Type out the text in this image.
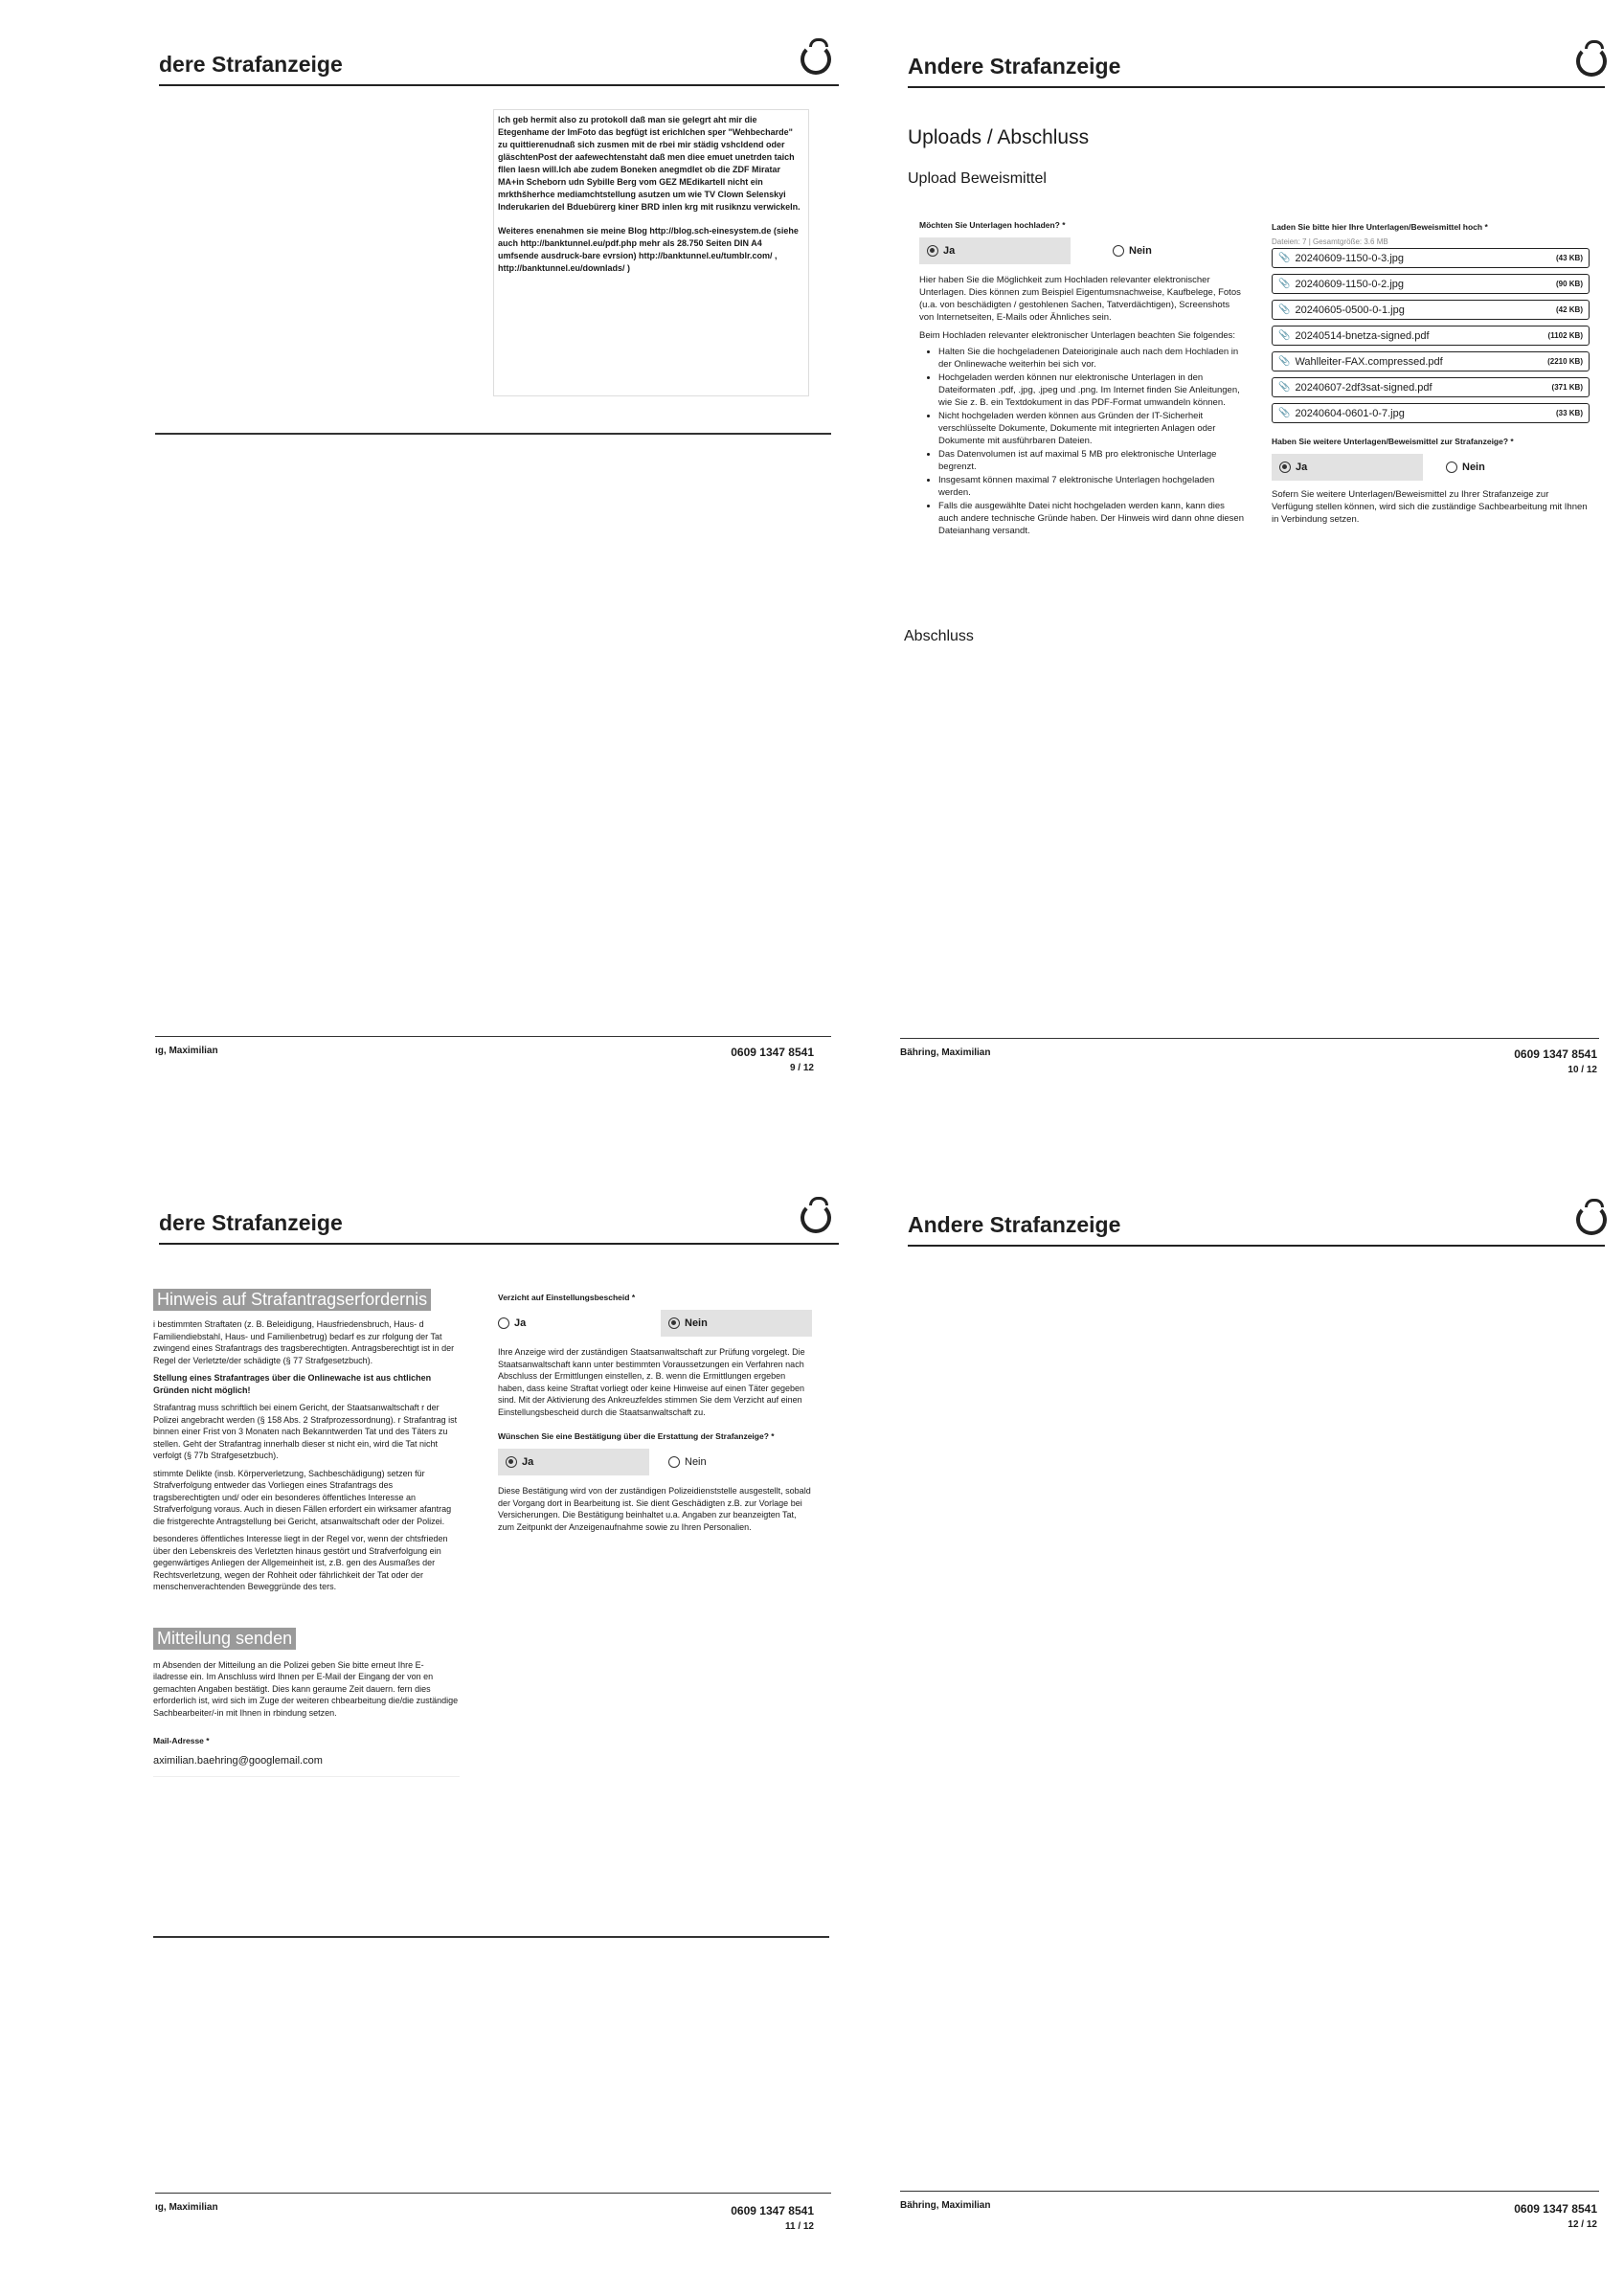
dere Strafanzeige
Ich geb hermit also zu protokoll daß man sie gelegrt aht mir die Etegenhame der ImFoto das begfügt ist erichlchen sper "Wehbecharde" zu quittierenudnaß sich zusmen mit de rbei mir städig vshcldend oder gläschtenPost der aafewechtenstaht daß men diee emuet unetrden taich fllen laesn will.Ich abe zudem Boneken anegmdlet ob die ZDF Miratar MA+in Scheborn udn Sybille Berg vom GEZ MEdikartell nicht ein mrkthšherhce mediamchtstellung asutzen um wie TV Clown Selenskyi Inderukarien del Bduebürerg kiner BRD inlen krg mit rusiknzu verwickeln.
Weiteres enenahmen sie meine Blog http://blog.sch-einesystem.de (siehe auch http://banktunnel.eu/pdf.php mehr als 28.750 Seiten DIN A4 umfsende ausdruck-bare evrsion) http://banktunnel.eu/tumblr.com/ , http://banktunnel.eu/downlads/ )
ıg, Maximilian	0609 1347 8541
9 / 12
Andere Strafanzeige
Uploads / Abschluss
Upload Beweismittel
Möchten Sie Unterlagen hochladen? *
Ja	Nein
Hier haben Sie die Möglichkeit zum Hochladen relevanter elektronischer Unterlagen. Dies können zum Beispiel Eigentumsnachweise, Kaufbelege, Fotos (u.a. von beschädigten / gestohlenen Sachen, Tatverdächtigen), Screenshots von Internetseiten, E-Mails oder Ähnliches sein.
Beim Hochladen relevanter elektronischer Unterlagen beachten Sie folgendes:
• Halten Sie die hochgeladenen Dateioriginale auch nach dem Hochladen in der Onlinewache weiterhin bei sich vor.
• Hochgeladen werden können nur elektronische Unterlagen in den Dateiformaten .pdf, .jpg, .jpeg und .png. Im Internet finden Sie Anleitungen, wie Sie z. B. ein Textdokument in das PDF-Format umwandeln können.
• Nicht hochgeladen werden können aus Gründen der IT-Sicherheit verschlüsselte Dokumente, Dokumente mit integrierten Anlagen oder Dokumente mit ausführbaren Dateien.
• Das Datenvolumen ist auf maximal 5 MB pro elektronische Unterlage begrenzt.
• Insgesamt können maximal 7 elektronische Unterlagen hochgeladen werden.
• Falls die ausgewählte Datei nicht hochgeladen werden kann, kann dies auch andere technische Gründe haben. Der Hinweis wird dann ohne diesen Dateianhang versandt.
Laden Sie bitte hier Ihre Unterlagen/Beweismittel hoch *
Dateien: 7 | Gesamtgröße: 3.6 MB
📎 20240609-1150-0-3.jpg	(43 KB)
📎 20240609-1150-0-2.jpg	(90 KB)
📎 20240605-0500-0-1.jpg	(42 KB)
📎 20240514-bnetza-signed.pdf	(1102 KB)
📎 Wahlleiter-FAX.compressed.pdf	(2210 KB)
📎 20240607-2df3sat-signed.pdf	(371 KB)
📎 20240604-0601-0-7.jpg	(33 KB)
Haben Sie weitere Unterlagen/Beweismittel zur Strafanzeige? *
Ja	Nein
Sofern Sie weitere Unterlagen/Beweismittel zu Ihrer Strafanzeige zur Verfügung stellen können, wird sich die zuständige Sachbearbeitung mit Ihnen in Verbindung setzen.
Abschluss
Bähring, Maximilian	0609 1347 8541
10 / 12
dere Strafanzeige
Hinweis auf Strafantragserfordernis
i bestimmten Straftaten (z. B. Beleidigung, Hausfriedensbruch, Haus- d Familiendiebstahl, Haus- und Familienbetrug) bedarf es zur rfolgung der Tat zwingend eines Strafantrags des tragsberechtigten. Antragsberechtigt ist in der Regel der Verletzte/der schädigte (§ 77 Strafgesetzbuch).
Stellung eines Strafantrages über die Onlinewache ist aus chtlichen Gründen nicht möglich!
Strafantrag muss schriftlich bei einem Gericht, der Staatsanwaltschaft r der Polizei angebracht werden (§ 158 Abs. 2 Strafprozessordnung). r Strafantrag ist binnen einer Frist von 3 Monaten nach Bekanntwerden Tat und des Täters zu stellen. Geht der Strafantrag innerhalb dieser st nicht ein, wird die Tat nicht verfolgt (§ 77b Strafgesetzbuch).
stimmte Delikte (insb. Körperverletzung, Sachbeschädigung) setzen für Strafverfolgung entweder das Vorliegen eines Strafantrags des tragsberechtigten und/ oder ein besonderes öffentliches Interesse an Strafverfolgung voraus. Auch in diesen Fällen erfordert ein wirksamer afantrag die fristgerechte Antragstellung bei Gericht, atsanwaltschaft oder der Polizei.
besonderes öffentliches Interesse liegt in der Regel vor, wenn der chtsfrieden über den Lebenskreis des Verletzten hinaus gestört und Strafverfolgung ein gegenwärtiges Anliegen der Allgemeinheit ist, z.B. gen des Ausmaßes der Rechtsverletzung, wegen der Rohheit oder fährlichkeit der Tat oder der menschenverachtenden Beweggründe des ters.
Mitteilung senden
m Absenden der Mitteilung an die Polizei geben Sie bitte erneut Ihre E- iladresse ein. Im Anschluss wird Ihnen per E-Mail der Eingang der von en gemachten Angaben bestätigt. Dies kann geraume Zeit dauern. fern dies erforderlich ist, wird sich im Zuge der weiteren chbearbeitung die/die zuständige Sachbearbeiter/-in mit Ihnen in rbindung setzen.
Mail-Adresse *
aximilian.baehring@googlemail.com
Verzicht auf Einstellungsbescheid *
Ja	Nein
Ihre Anzeige wird der zuständigen Staatsanwaltschaft zur Prüfung vorgelegt. Die Staatsanwaltschaft kann unter bestimmten Voraussetzungen ein Verfahren nach Abschluss der Ermittlungen einstellen, z. B. wenn die Ermittlungen ergeben haben, dass keine Straftat vorliegt oder keine Hinweise auf einen Täter gegeben sind. Mit der Aktivierung des Ankreuzfeldes stimmen Sie dem Verzicht auf einen Einstellungsbescheid durch die Staatsanwaltschaft zu.
Wünschen Sie eine Bestätigung über die Erstattung der Strafanzeige? *
Ja	Nein
Diese Bestätigung wird von der zuständigen Polizeidienststelle ausgestellt, sobald der Vorgang dort in Bearbeitung ist. Sie dient Geschädigten z.B. zur Vorlage bei Versicherungen. Die Bestätigung beinhaltet u.a. Angaben zur beanzeigten Tat, zum Zeitpunkt der Anzeigenaufnahme sowie zu Ihren Personalien.
ıg, Maximilian	0609 1347 8541
11 / 12
Andere Strafanzeige
Bähring, Maximilian	0609 1347 8541
12 / 12
